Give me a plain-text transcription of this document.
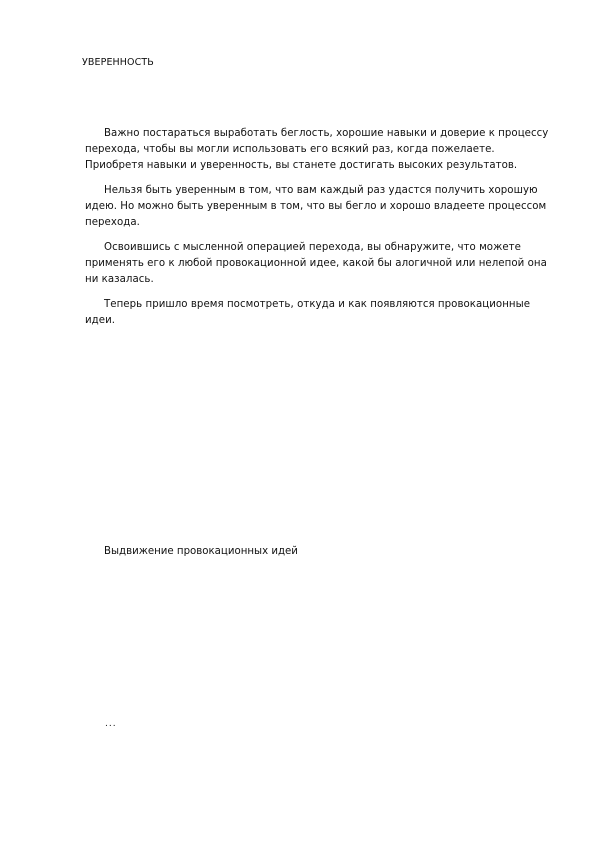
УВЕРЕННОСТЬ

Важно постараться выработать беглость, хорошие навыки и доверие к процессу перехода, чтобы вы могли использовать его всякий раз, когда пожелаете. Приобретя навыки и уверенность, вы станете достигать высоких результатов.

Нельзя быть уверенным в том, что вам каждый раз удастся получить хорошую идею. Но можно быть уверенным в том, что вы бегло и хорошо владеете процессом перехода.

Освоившись с мысленной операцией перехода, вы обнаружите, что можете применять его к любой провокационной идее, какой бы алогичной или нелепой она ни казалась.

Теперь пришло время посмотреть, откуда и как появляются провокационные идеи.

Выдвижение провокационных идей

...
